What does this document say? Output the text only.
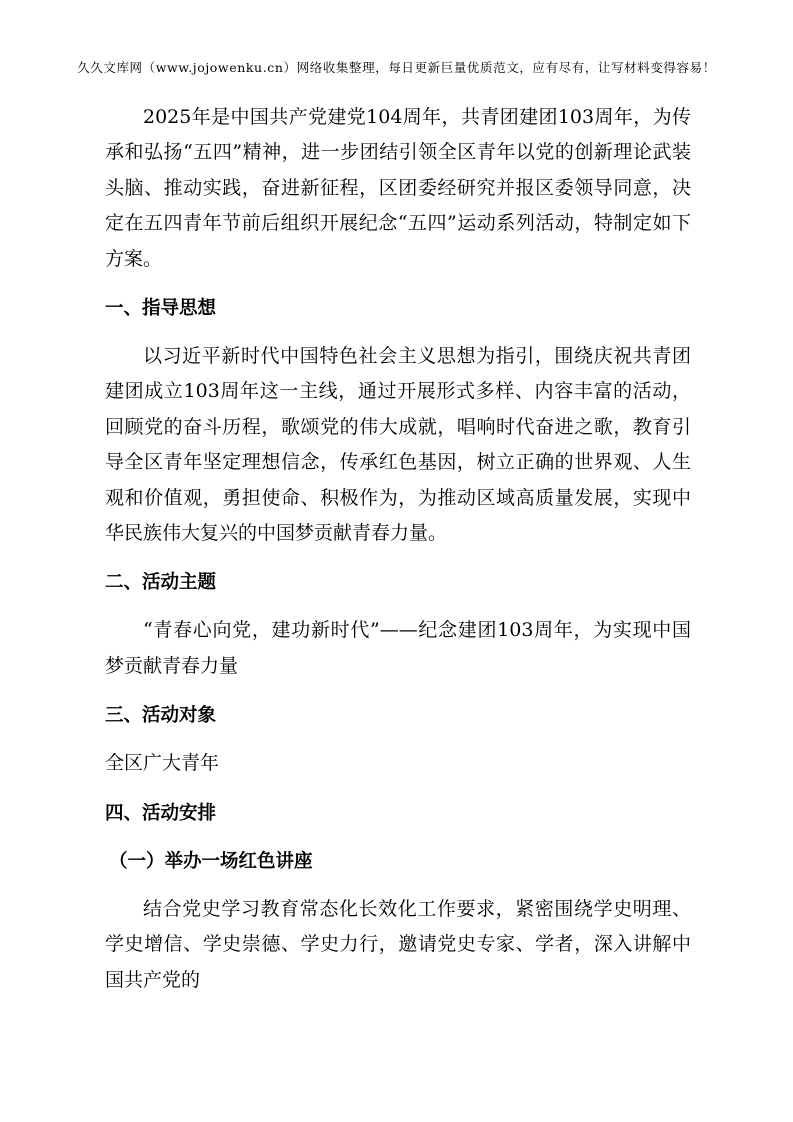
久久文库网（www.jojowenku.cn）网络收集整理，每日更新巨量优质范文，应有尽有，让写材料变得容易！

2025年是中国共产党建党104周年，共青团建团103周年，为传承和弘扬“五四”精神，进一步团结引领全区青年以党的创新理论武装头脑、推动实践，奋进新征程，区团委经研究并报区委领导同意，决定在五四青年节前后组织开展纪念“五四”运动系列活动，特制定如下方案。

一、指导思想

以习近平新时代中国特色社会主义思想为指引，围绕庆祝共青团建团成立103周年这一主线，通过开展形式多样、内容丰富的活动，回顾党的奋斗历程，歌颂党的伟大成就，唱响时代奋进之歌，教育引导全区青年坚定理想信念，传承红色基因，树立正确的世界观、人生观和价值观，勇担使命、积极作为，为推动区域高质量发展，实现中华民族伟大复兴的中国梦贡献青春力量。

二、活动主题

“青春心向党，建功新时代”——纪念建团103周年，为实现中国梦贡献青春力量

三、活动对象

全区广大青年

四、活动安排

（一）举办一场红色讲座

结合党史学习教育常态化长效化工作要求，紧密围绕学史明理、学史增信、学史崇德、学史力行，邀请党史专家、学者，深入讲解中国共产党的
